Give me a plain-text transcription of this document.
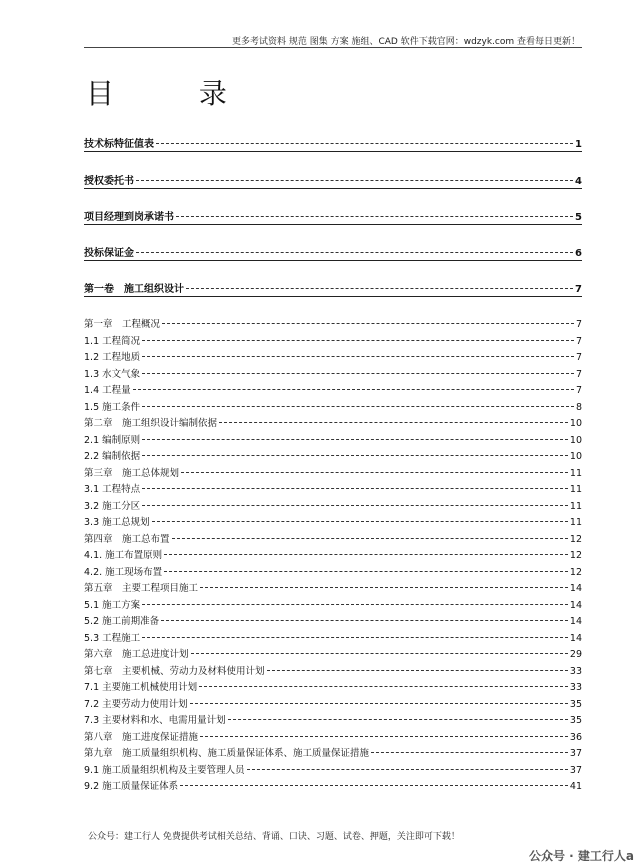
更多考试资料 规范 图集 方案 施组、CAD 软件下载官网：wdzyk.com 查看每日更新！
目 录
技术标特征值表	1
授权委托书	4
项目经理到岗承诺书	5
投标保证金	6
第一卷　施工组织设计	7
第一章　工程概况	7
1.1 工程简况	7
1.2 工程地质	7
1.3 水文气象	7
1.4 工程量	7
1.5 施工条件	8
第二章　施工组织设计编制依据	10
2.1 编制原则	10
2.2 编制依据	10
第三章　施工总体规划	11
3.1 工程特点	11
3.2 施工分区	11
3.3 施工总规划	11
第四章　施工总布置	12
4.1. 施工布置原则	12
4.2. 施工现场布置	12
第五章　主要工程项目施工	14
5.1 施工方案	14
5.2 施工前期准备	14
5.3 工程施工	14
第六章　施工总进度计划	29
第七章　主要机械、劳动力及材料使用计划	33
7.1 主要施工机械使用计划	33
7.2 主要劳动力使用计划	35
7.3 主要材料和水、电需用量计划	35
第八章　施工进度保证措施	36
第九章　施工质量组织机构、施工质量保证体系、施工质量保证措施	37
9.1 施工质量组织机构及主要管理人员	37
9.2 施工质量保证体系	41
公众号：建工行人 免费提供考试相关总结、背诵、口诀、习题、试卷、押题，关注即可下载！
公众号 · 建工行人a
